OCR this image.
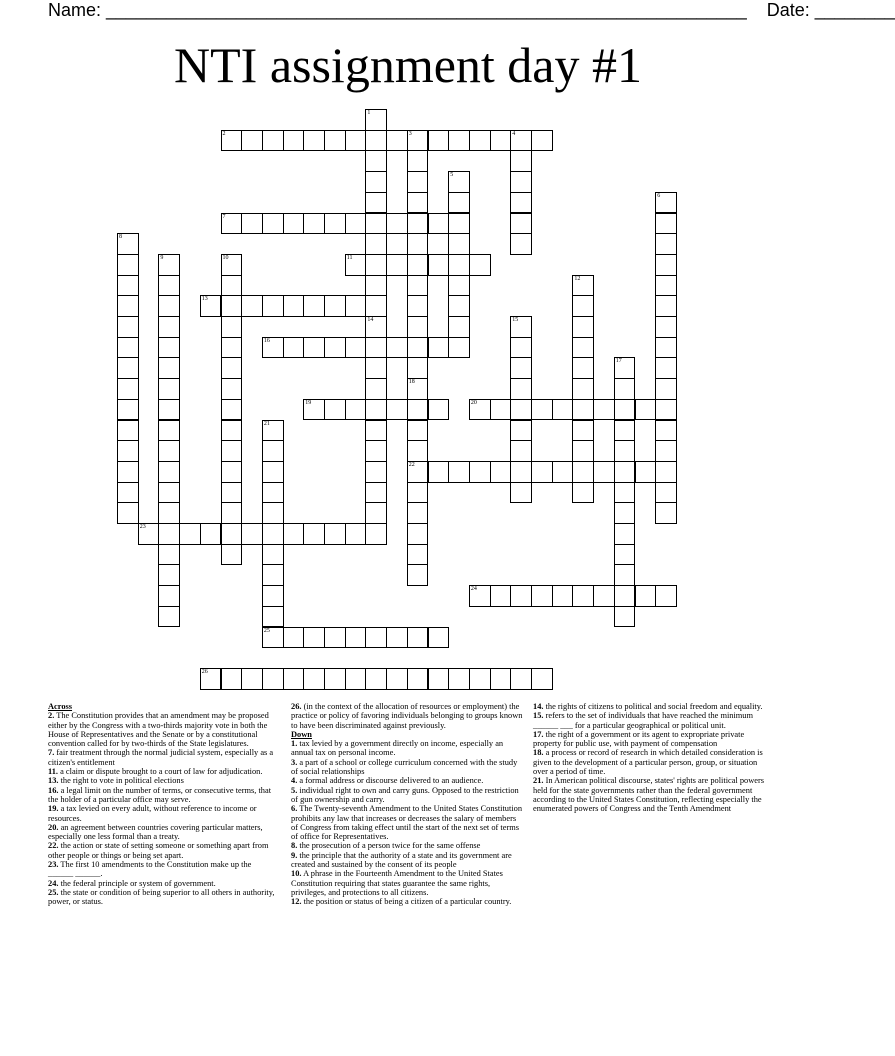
Name: ________________________________________________________________ Date: ________
NTI assignment day #1
1
14
2	3	4
18
22
5
6
7
8
9	10	11
12
13
15
16
17
19	20
21
25
23
24
26

Across

2. The Constitution provides that an amendment may be proposed either by the Congress with a two-thirds majority vote in both the House of Representatives and the Senate or by a constitutional convention called for by two-thirds of the State legislatures.

7. fair treatment through the normal judicial system, especially as a citizen's entitlement

11. a claim or dispute brought to a court of law for adjudication.

13. the right to vote in political elections

16. a legal limit on the number of terms, or consecutive terms, that the holder of a particular office may serve.

19. a tax levied on every adult, without reference to income or resources.

20. an agreement between countries covering particular matters, especially one less formal than a treaty.

22. the action or state of setting someone or something apart from other people or things or being set apart.

23. The first 10 amendments to the Constitution make up the ______ ______.

24. the federal principle or system of government.

25. the state or condition of being superior to all others in authority, power, or status.

26. (in the context of the allocation of resources or employment) the practice or policy of favoring individuals belonging to groups known to have been discriminated against previously.

Down

1. tax levied by a government directly on income, especially an annual tax on personal income.

3. a part of a school or college curriculum concerned with the study of social relationships

4. a formal address or discourse delivered to an audience.

5. individual right to own and carry guns. Opposed to the restriction of gun ownership and carry.

6. The Twenty-seventh Amendment to the United States Constitution prohibits any law that increases or decreases the salary of members of Congress from taking effect until the start of the next set of terms of office for Representatives.

8. the prosecution of a person twice for the same offense

9. the principle that the authority of a state and its government are created and sustained by the consent of its people

10. A phrase in the Fourteenth Amendment to the United States Constitution requiring that states guarantee the same rights, privileges, and protections to all citizens.

12. the position or status of being a citizen of a particular country.

14. the rights of citizens to political and social freedom and equality.

15. refers to the set of individuals that have reached the minimum ______ ___ for a particular geographical or political unit.

17. the right of a government or its agent to expropriate private property for public use, with payment of compensation

18. a process or record of research in which detailed consideration is given to the development of a particular person, group, or situation over a period of time.

21. In American political discourse, states' rights are political powers held for the state governments rather than the federal government according to the United States Constitution, reflecting especially the enumerated powers of Congress and the Tenth Amendment
